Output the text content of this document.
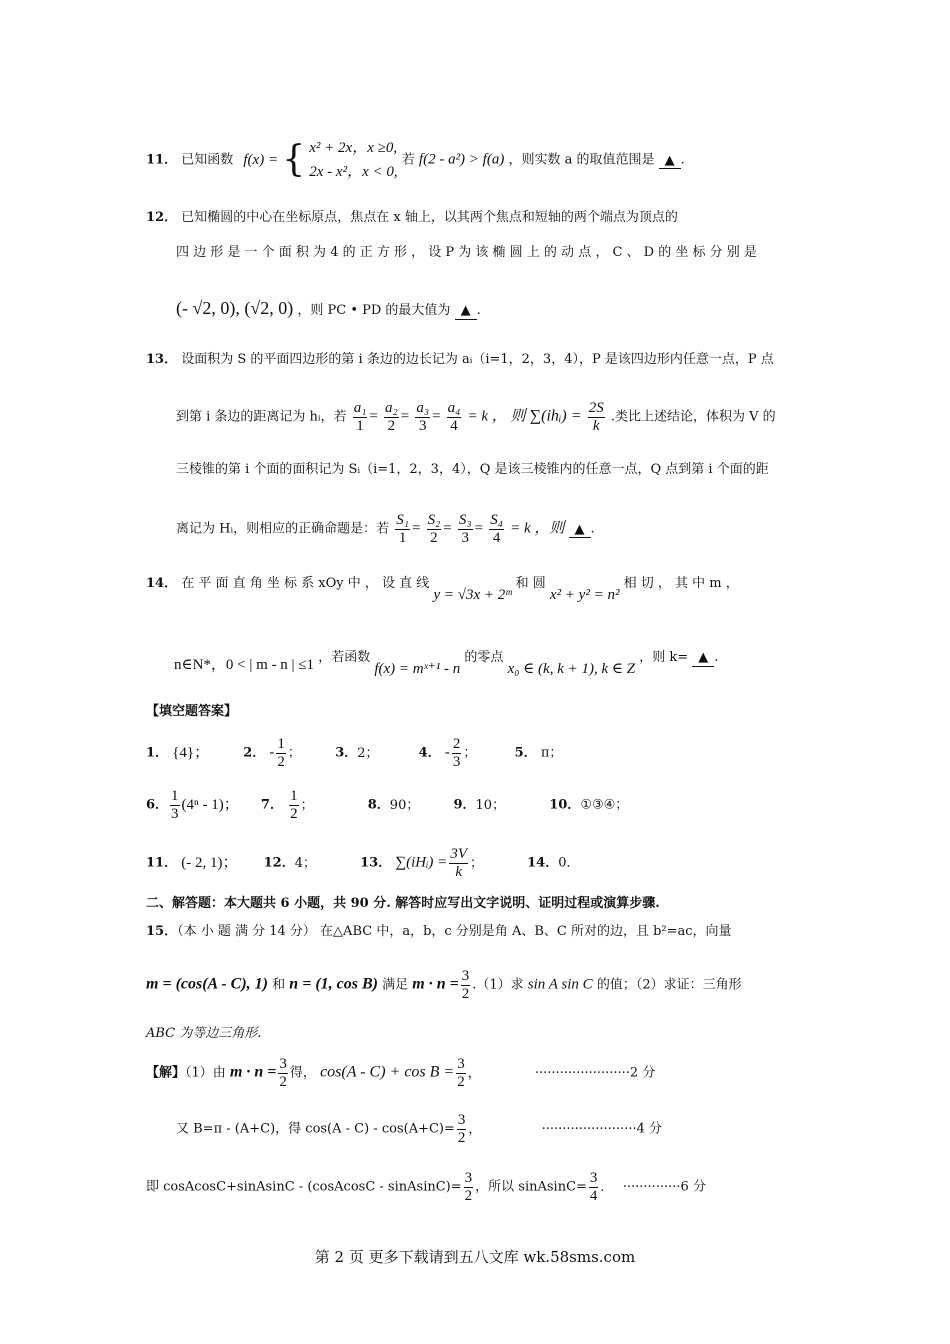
11． 已知函数 f(x) = { x² + 2x，x ≥0,
2x - x²，x < 0,
若 f(2 - a²) > f(a) ，则实数 a 的取值范围是 ▲ .
12． 已知椭圆的中心在坐标原点，焦点在 x 轴上，以其两个焦点和短轴的两个端点为顶点的
四 边 形 是 一 个 面 积 为 4 的 正 方 形 ， 设 P 为 该 椭 圆 上 的 动 点 ， C 、 D 的 坐 标 分 别 是
(- √2, 0), (√2, 0) ，则 PC • PD 的最大值为 ▲ .
13． 设面积为 S 的平面四边形的第 i 条边的边长记为 aᵢ（i=1，2，3，4），P 是该四边形内任意一点，P 点
到第 i 条边的距离记为 hᵢ，若 $\frac{\text{a₁}}{1} = \frac{\text{a₂}}{2} = \frac{\text{a₃}}{3} = \frac{\text{a₄}}{4} = k$ ， 则 ∑(ihᵢ) = $\frac{2S}{k}$ .类比上述结论，体积为 V 的
三棱锥的第 i 个面的面积记为 Sᵢ（i=1，2，3，4），Q 是该三棱锥内的任意一点，Q 点到第 i 个面的距
离记为 Hᵢ，则相应的正确命题是：若 $\frac{\text{S₁}}{1} = \frac{\text{S₂}}{2} = \frac{\text{S₃}}{3} = \frac{\text{S₄}}{4} = k$ ，则 ▲ .
14． 在 平 面 直 角 坐 标 系 xOy 中 ， 设 直 线 y = √3x + 2ᵐ 和 圆 x² + y² = n² 相 切 ， 其 中 m ，
n∈N*，0 < | m - n | ≤1 ，若函数 f(x) = mˣ⁺¹ - n 的零点 x₀ ∈ (k, k + 1), k ∈ Z ，则 k= ▲ .
【填空题答案】
1． {4}；	2． - $\frac{1}{2}$ ；  3．2；	4． - $\frac{2}{3}$ ；	5． π；
6． $\frac{1}{3} (4^n - 1)$； 7． $\frac{1}{2}$ ；	8．90；	9．10；	10．①③④；
11． (- 2, 1)； 12．4；	13． ∑(iHᵢ) = $\frac{3V}{k}$ ；	14．0．
二、解答题：本大题共 6 小题，共 90 分. 解答时应写出文字说明、证明过程或演算步骤.
15．（本 小 题 满 分 14 分） 在△ABC 中，a，b，c 分别是角 A、B、C 所对的边，且 b²=ac，向量
m = (cos(A - C), 1) 和 n = (1, cos B) 满足 $m \cdot n = \frac{3}{2} .(1)$求 sin A sin C 的值；（2）求证：三角形
ABC 为等边三角形.
【解】（1）由 $m \cdot n = \frac{3}{2}$ 得， $\cos(A - C) + \cos B = \frac{3}{2}$ ，	·······················2 分
又 B=π - (A+C)，得 $\cos(A - C) - \cos(A+C)= \frac{3}{2}$ ，	·······················4 分
即 cosAcosC+sinAsinC - (cosAcosC - sinAsinC)= $\frac{3}{2}$ ，所以 sinAsinC= $\frac{3}{4}$ . ··············6 分
第 2 页 更多下载请到五八文库 wk.58sms.com
